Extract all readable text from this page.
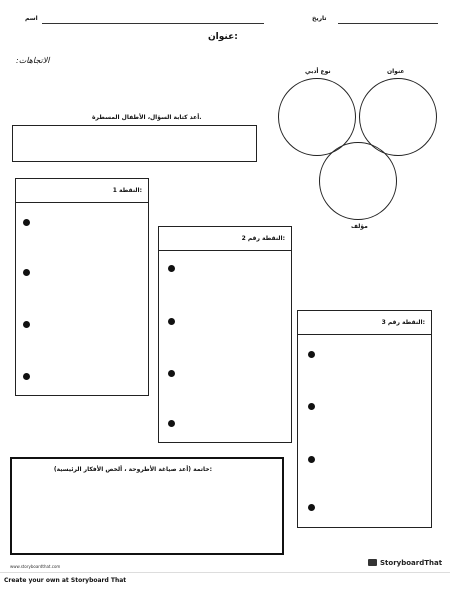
اسم	تاريخ
عنوان:
:الاتجاهات
نوع أدبي	عنوان
مؤلف
.أعد كتابة السؤال، الأطفال المسطرة
:النقطة 1
:النقطة رقم 2
:النقطة رقم 3
:خاتمة (أعد صياغة الأطروحة ، ألخص الأفكار الرئيسية)
www.storyboardthat.com	StoryboardThat
Create your own at Storyboard That
